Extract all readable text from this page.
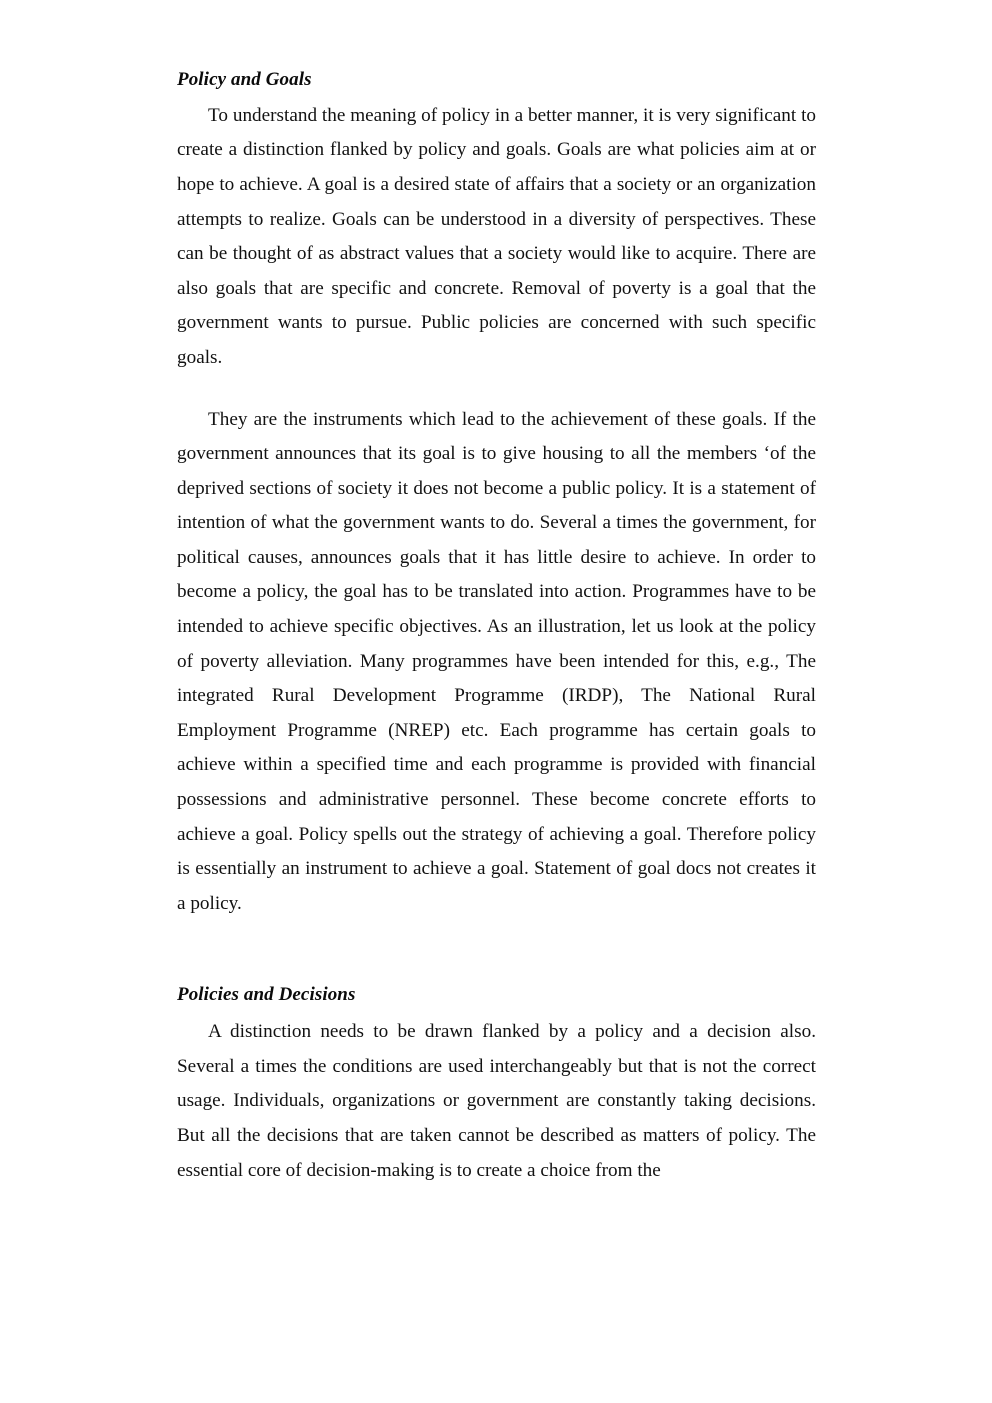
Policy and Goals

To understand the meaning of policy in a better manner, it is very significant to create a distinction flanked by policy and goals. Goals are what policies aim at or hope to achieve. A goal is a desired state of affairs that a society or an organization attempts to realize. Goals can be understood in a diversity of perspectives. These can be thought of as abstract values that a society would like to acquire. There are also goals that are specific and concrete. Removal of poverty is a goal that the government wants to pursue. Public policies are concerned with such specific goals.

They are the instruments which lead to the achievement of these goals. If the government announces that its goal is to give housing to all the members ‘of the deprived sections of society it does not become a public policy. It is a statement of intention of what the government wants to do. Several a times the government, for political causes, announces goals that it has little desire to achieve. In order to become a policy, the goal has to be translated into action. Programmes have to be intended to achieve specific objectives. As an illustration, let us look at the policy of poverty alleviation. Many programmes have been intended for this, e.g., The integrated Rural Development Programme (IRDP), The National Rural Employment Programme (NREP) etc. Each programme has certain goals to achieve within a specified time and each programme is provided with financial possessions and administrative personnel. These become concrete efforts to achieve a goal. Policy spells out the strategy of achieving a goal. Therefore policy is essentially an instrument to achieve a goal. Statement of goal docs not creates it a policy.

Policies and Decisions

A distinction needs to be drawn flanked by a policy and a decision also. Several a times the conditions are used interchangeably but that is not the correct usage. Individuals, organizations or government are constantly taking decisions. But all the decisions that are taken cannot be described as matters of policy. The essential core of decision-making is to create a choice from the
